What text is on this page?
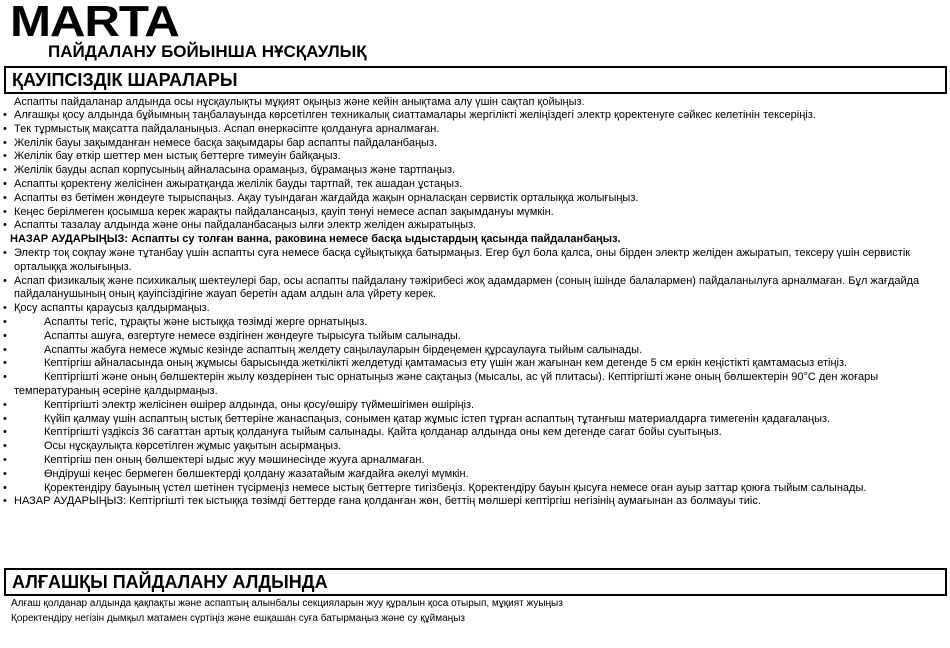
MARTA
ПАЙДАЛАНУ БОЙЫНША НҰСҚАУЛЫҚ
ҚАУІПСІЗДІК ШАРАЛАРЫ
Аспапты пайдаланар алдында осы нұсқаулықты мұқият оқыңыз және кейін анықтама алу үшін сақтап қойыңыз.
• Алғашқы қосу алдында бұйымның таңбалауында көрсетілген техникалық сиаттамалары жергілікті желіңіздегі электр қоректенуге сәйкес келетінін тексеріңіз.
• Тек тұрмыстық мақсатта пайдаланыңыз. Аспап өнеркәсіпте қолдануға арналмаған.
• Желілік бауы зақымданған немесе басқа зақымдары бар аспапты пайдаланбаңыз.
• Желілік бау өткір шеттер мен ыстық беттерге тимеуін байқаңыз.
• Желілік бауды аспап корпусының айналасына орамаңыз, бұрамаңыз және тартпаңыз.
• Аспапты қоректену желісінен ажыратқанда желілік бауды тартпай, тек ашадан ұстаңыз.
• Аспапты өз бетімен жөндеуге тырыспаңыз. Ақау туындаған жағдайда жақын орналасқан сервистік орталыққа жолығыңыз.
• Кеңес берілмеген қосымша керек жарақты пайдалансаңыз, қауіп төнуі немесе аспап зақымдануы мүмкін.
• Аспапты тазалау алдында және оны пайдаланбасаңыз ылғи электр желіден ажыратыңыз.
НАЗАР АУДАРЫҢЫЗ: Аспапты су толған ванна, раковина немесе басқа ыдыстардың қасында пайдаланбаңыз.
• Электр тоқ соқпау және тұтанбау үшін аспапты суға немесе басқа сұйықтыққа батырмаңыз. Егер бұл бола қалса, оны бірден электр желіден ажыратып, тексеру үшін сервистік орталыққа жолығыңыз.
• Аспап физикалық және психикалық шектеулері бар, осы аспапты пайдалану тәжірибесі жоқ адамдармен (соның ішінде балалармен) пайдаланылуға арналмаған. Бұл жағдайда пайдаланушының оның қауіпсіздігіне жауап беретін адам алдын ала үйрету керек.
• Қосу аспапты қараусыз қалдырмаңыз.
•	Аспапты тегіс, тұрақты және ыстыққа төзімді жерге орнатыңыз.
•	Аспапты ашуға, өзгертуге немесе өздігінен жөндеуге тырысуға тыйым салынады.
•	Аспапты жабуға немесе жұмыс кезінде аспаптың желдету саңылауларын бірдеңемен құрсаулауға тыйым салынады.
•	Кептіргіш айналасында оның жұмысы барысында жеткілікті желдетуді қамтамасыз ету үшін жан жағынан кем дегенде 5 cм еркін кеңістікті қамтамасыз етіңіз.
•	Кептіргішті және оның бөлшектерін жылу көздерінен тыс орнатыңыз және сақтаңыз (мысалы, ас үй плитасы). Кептіргішті және оның бөлшектерін 90°С ден жоғары температураның әсеріне қалдырмаңыз.
•	Кептіргішті электр желісінен өшірер алдында, оны қосу/өшіру түймешігімен өшіріңіз.
•	Күйіп қалмау үшін аспаптың ыстық беттеріне жанаспаңыз, сонымен қатар жұмыс істеп тұрған аспаптың тұтанғыш материалдарға тимегенін қадағалаңыз.
•	Кептіргішті үздіксіз 36 сағаттан артық қолдануға тыйым салынады. Қайта қолданар алдында оны кем дегенде сағат бойы суытыңыз.
•	Осы нұсқаулықта көрсетілген жұмыс уақытын асырмаңыз.
•	Кептіргіш пен оның бөлшектері ыдыс жуу мәшинесінде жууға арналмаған.
•	Өндіруші кеңес бермеген бөлшектерді қолдану жазатайым жағдайға әкелуі мүмкін.
•	Қоректендіру бауының үстел шетінен түсірмеңіз немесе ыстық беттерге тигізбеңіз. Қоректендіру бауын қысуға немесе оған ауыр заттар қоюға тыйым салынады.
• НАЗАР АУДАРЫҢЫЗ: Кептіргішті тек ыстыққа төзімді беттерде ғана қолданған жөн, беттің мөлшері кептіргіш негізінің аумағынан аз болмауы тиіс.
АЛҒАШҚЫ ПАЙДАЛАНУ АЛДЫНДА
Алғаш қолданар алдында қақпақты және аспаптың алынбалы секцияларын жуу құралын қоса отырып, мұқият жуыңыз
Қоректендіру негізін дымқыл матамен сүртіңіз және ешқашан суға батырмаңыз және су құймаңыз
